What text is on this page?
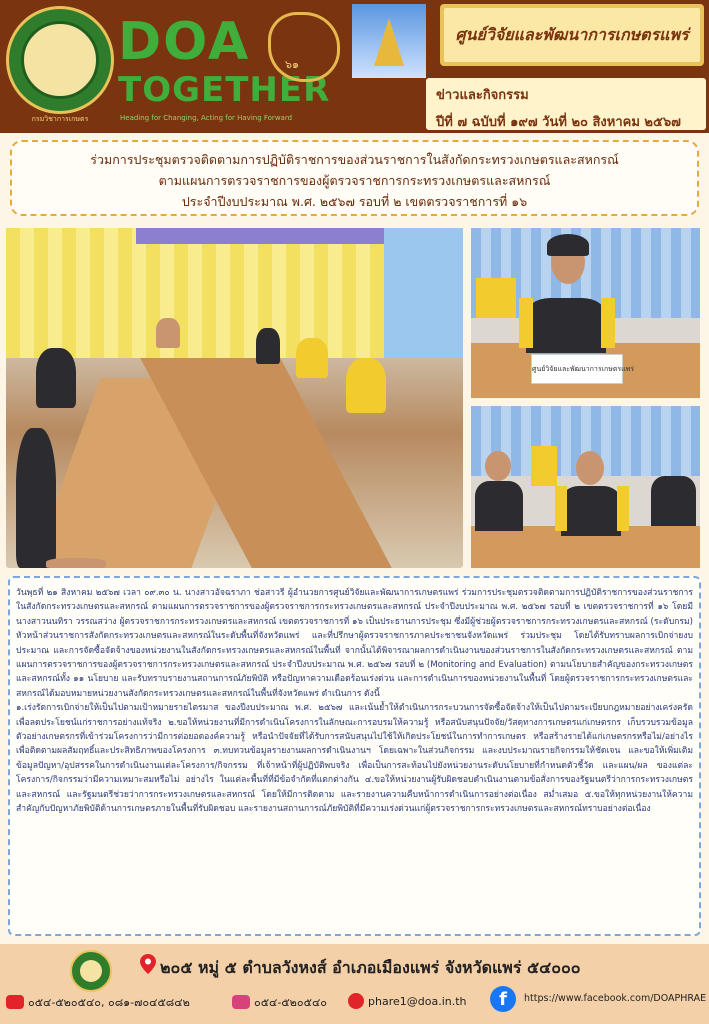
กรมวิชาการเกษตร
DOA
TOGETHER
Heading for Changing, Acting for Having Forward
๖๑
ศูนย์วิจัยและพัฒนาการเกษตรแพร่
ข่าวและกิจกรรม
ปีที่ ๗ ฉบับที่ ๑๙๗ วันที่ ๒๐ สิงหาคม ๒๕๖๗
ร่วมการประชุมตรวจติดตามการปฏิบัติราชการของส่วนราชการในสังกัดกระทรวงเกษตรและสหกรณ์
ตามแผนการตรวจราชการของผู้ตรวจราชการกระทรวงเกษตรและสหกรณ์
ประจำปีงบประมาณ พ.ศ. ๒๕๖๗ รอบที่ ๒ เขตตรวจราชการที่ ๑๖
ศูนย์วิจัยและพัฒนาการเกษตรแพร่

วันพุธที่ ๒๑ สิงหาคม ๒๕๖๗ เวลา ๐๙.๓๐ น. นางสาวอัจฉราภา ช่อสาวรี ผู้อำนวยการศูนย์วิจัยและพัฒนาการเกษตรแพร่ ร่วมการประชุมตรวจติดตามการปฏิบัติราชการของส่วนราชการในสังกัดกระทรวงเกษตรและสหกรณ์ ตามแผนการตรวจราชการของผู้ตรวจราชการกระทรวงเกษตรและสหกรณ์ ประจำปีงบประมาณ พ.ศ. ๒๕๖๗ รอบที่ ๒ เขตตรวจราชการที่ ๑๖ โดยมีนางสาวนนทิรา วรรณสว่าง ผู้ตรวจราชการกระทรวงเกษตรและสหกรณ์ เขตตรวจราชการที่ ๑๖ เป็นประธานการประชุม ซึ่งมีผู้ช่วยผู้ตรวจราชการกระทรวงเกษตรและสหกรณ์ (ระดับกรม) หัวหน้าส่วนราชการสังกัดกระทรวงเกษตรและสหกรณ์ในระดับพื้นที่จังหวัดแพร่ และที่ปรึกษาผู้ตรวจราชการภาคประชาชนจังหวัดแพร่ ร่วมประชุม โดยได้รับทราบผลการเบิกจ่ายงบประมาณ และการจัดซื้อจัดจ้างของหน่วยงานในสังกัดกระทรวงเกษตรและสหกรณ์ในพื้นที่ จากนั้นได้พิจารณาผลการดำเนินงานของส่วนราชการในสังกัดกระทรวงเกษตรและสหกรณ์ ตามแผนการตรวจราชการของผู้ตรวจราชการกระทรวงเกษตรและสหกรณ์ ประจำปีงบประมาณ พ.ศ. ๒๕๖๗ รอบที่ ๒ (Monitoring and Evaluation) ตามนโยบายสำคัญของกระทรวงเกษตรและสหกรณ์ทั้ง ๑๑ นโยบาย และรับทราบรายงานสถานการณ์ภัยพิบัติ หรือปัญหาความเดือดร้อนเร่งด่วน และการดำเนินการของหน่วยงานในพื้นที่ โดยผู้ตรวจราชการกระทรวงเกษตรและสหกรณ์ได้มอบหมายหน่วยงานสังกัดกระทรวงเกษตรและสหกรณ์ในพื้นที่จังหวัดแพร่ ดำเนินการ ดังนี้

๑.เร่งรัดการเบิกจ่ายให้เป็นไปตามเป้าหมายรายไตรมาส ของปีงบประมาณ พ.ศ. ๒๕๖๗ และเน้นย้ำให้ดำเนินการกระบวนการจัดซื้อจัดจ้างให้เป็นไปตามระเบียบกฎหมายอย่างเคร่งครัด เพื่อลดประโยชน์แก่ราชการอย่างแท้จริง ๒.ขอให้หน่วยงานที่มีการดำเนินโครงการในลักษณะการอบรมให้ความรู้ หรือสนับสนุนปัจจัย/วัสดุทางการเกษตรแก่เกษตรกร เก็บรวบรวมข้อมูลตัวอย่างเกษตรกรที่เข้าร่วมโครงการว่ามีการต่อยอดองค์ความรู้ หรือนำปัจจัยที่ได้รับการสนับสนุนไปใช้ให้เกิดประโยชน์ในการทำการเกษตร หรือสร้างรายได้แก่เกษตรกรหรือไม่/อย่างไร เพื่อติดตามผลสัมฤทธิ์และประสิทธิภาพของโครงการ ๓.ทบทวนข้อมูลรายงานผลการดำเนินงานฯ โดยเฉพาะในส่วนกิจกรรม และงบประมาณรายกิจกรรมให้ชัดเจน และขอให้เพิ่มเติมข้อมูลปัญหา/อุปสรรคในการดำเนินงานแต่ละโครงการ/กิจกรรม ที่เจ้าหน้าที่ผู้ปฏิบัติพบจริง เพื่อเป็นการสะท้อนไปยังหน่วยงานระดับนโยบายที่กำหนดตัวชี้วัด และแผน/ผล ของแต่ละโครงการ/กิจกรรมว่ามีความเหมาะสมหรือไม่ อย่างไร ในแต่ละพื้นที่ที่มีข้อจำกัดที่แตกต่างกัน ๔.ขอให้หน่วยงานผู้รับผิดชอบดำเนินงานตามข้อสั่งการของรัฐมนตรีว่าการกระทรวงเกษตรและสหกรณ์ และรัฐมนตรีช่วยว่าการกระทรวงเกษตรและสหกรณ์ โดยให้มีการติดตาม และรายงานความคืบหน้าการดำเนินการอย่างต่อเนื่อง สม่ำเสมอ ๕.ขอให้ทุกหน่วยงานให้ความสำคัญกับปัญหาภัยพิบัติด้านการเกษตรภายในพื้นที่รับผิดชอบ และรายงานสถานการณ์ภัยพิบัติที่มีความเร่งด่วนแก่ผู้ตรวจราชการกระทรวงเกษตรและสหกรณ์ทราบอย่างต่อเนื่อง

๒๐๕ หมู่ ๕ ตำบลวังหงส์ อำเภอเมืองแพร่ จังหวัดแพร่ ๕๔๐๐๐
๐๕๔-๕๒๐๕๔๐, ๐๘๑-๗๐๔๕๘๔๒	๐๕๔-๕๒๐๕๔๐	phare1@doa.in.th	f	https://www.facebook.com/DOAPHRAE
